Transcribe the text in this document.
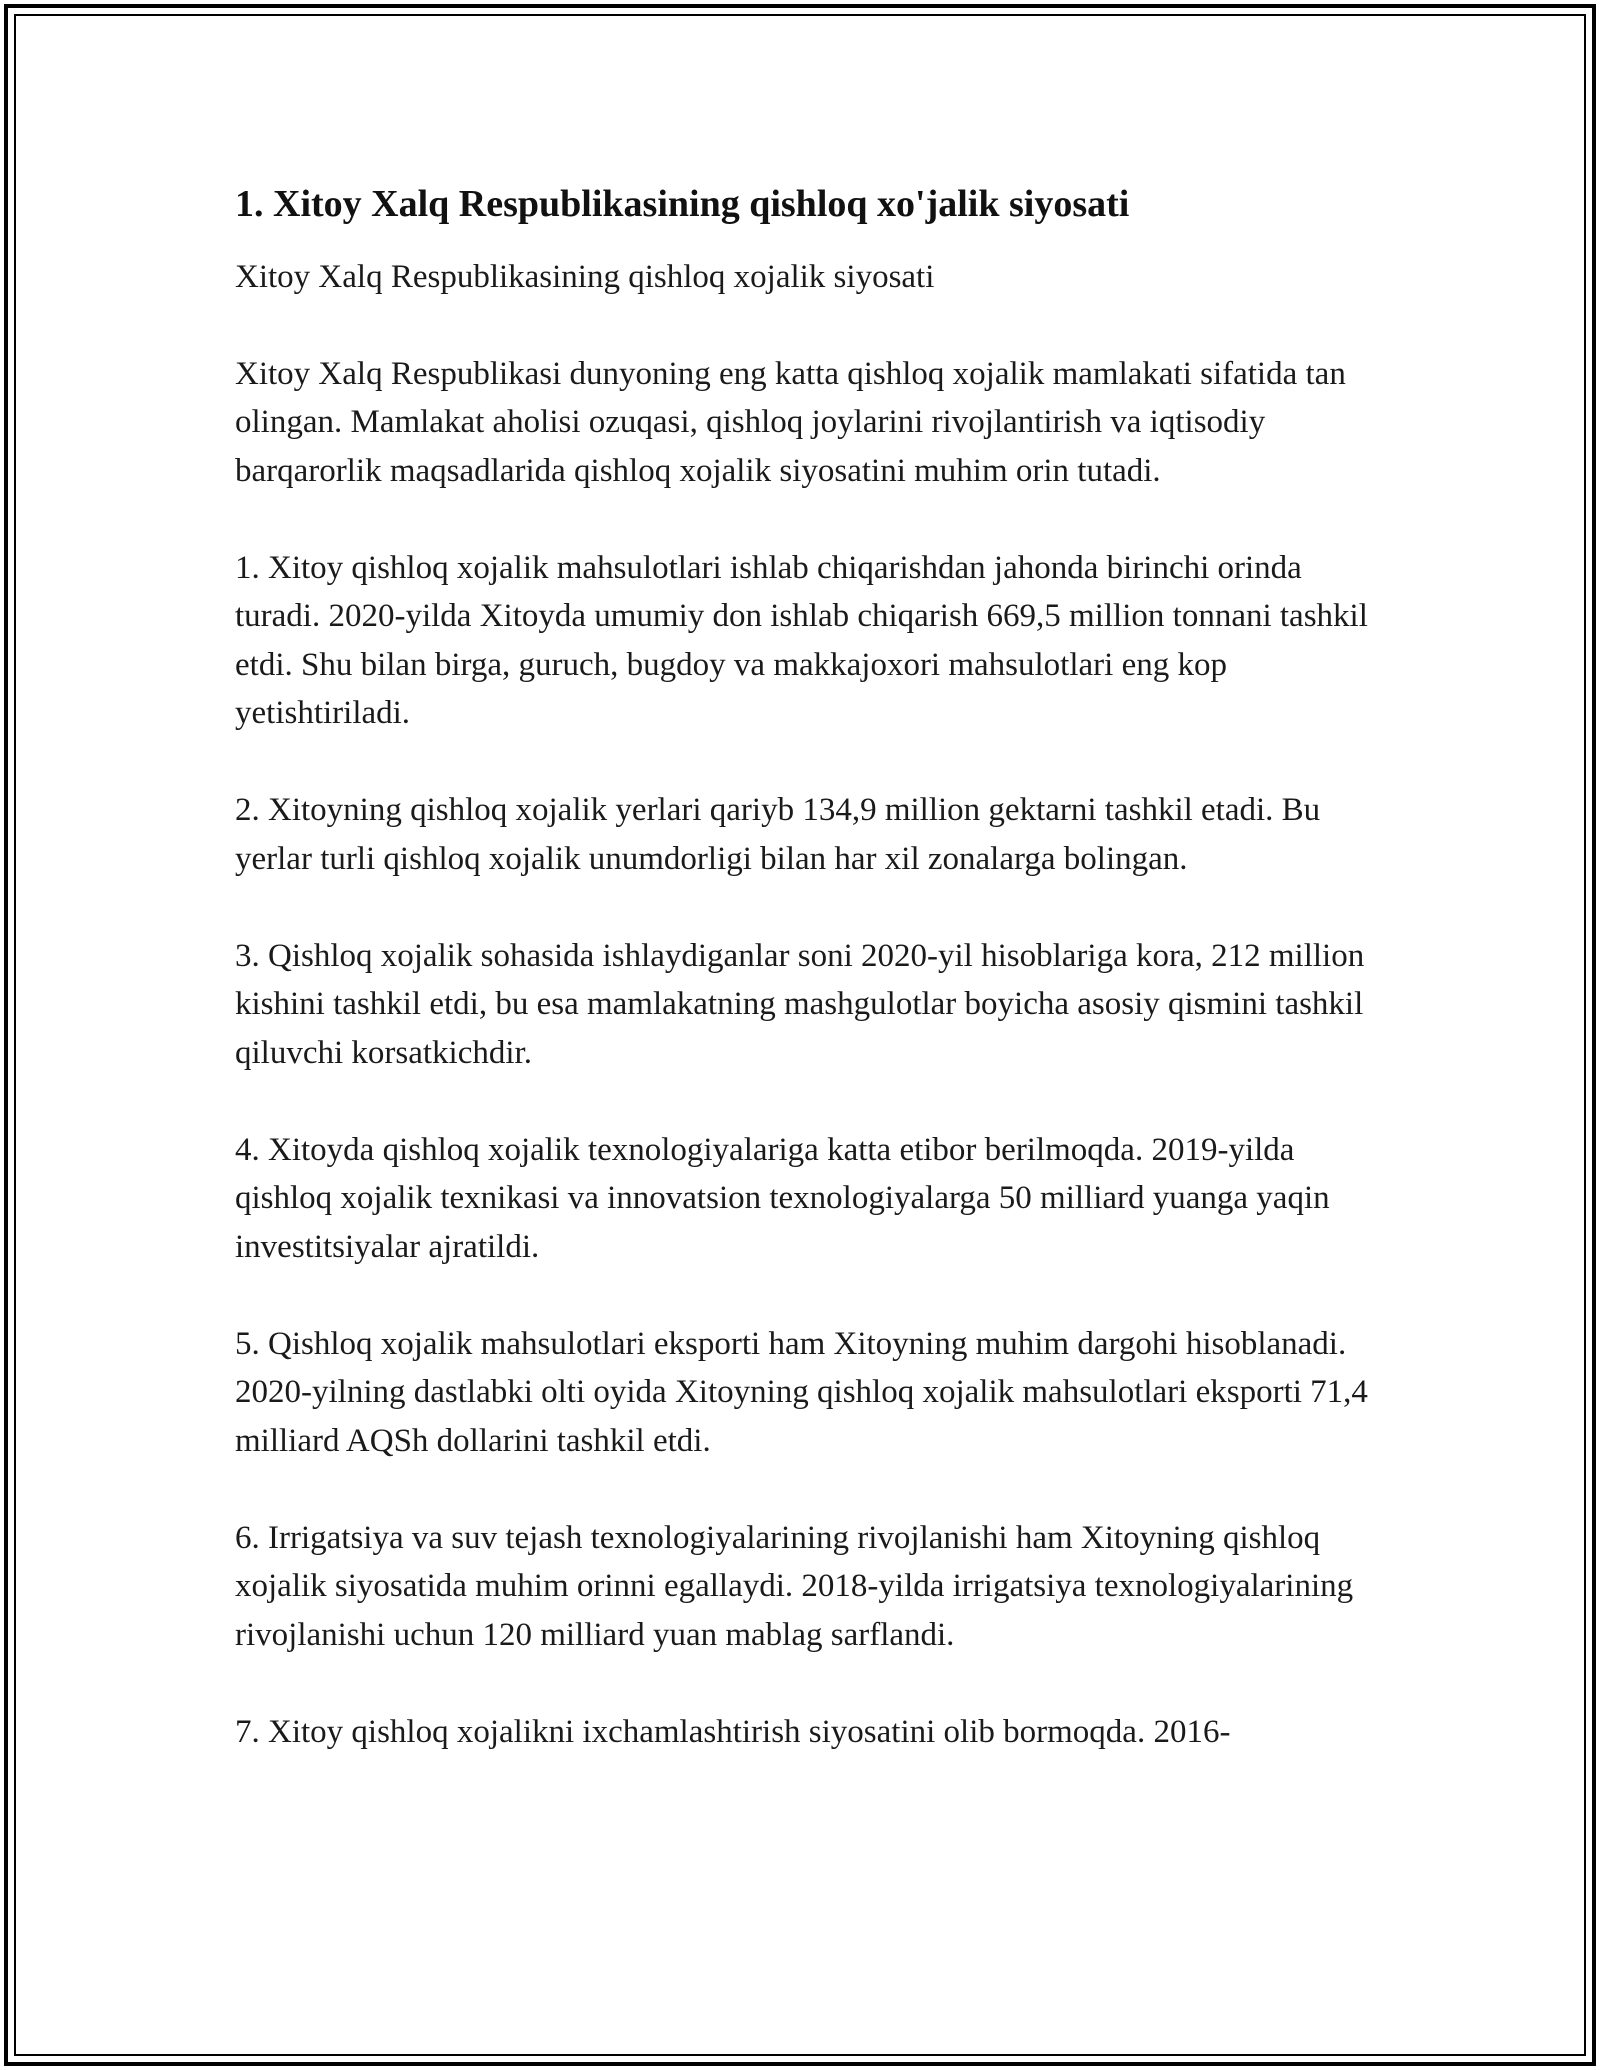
1. Xitoy Xalq Respublikasining qishloq xo'jalik siyosati

Xitoy Xalq Respublikasining qishloq xojalik siyosati

Xitoy Xalq Respublikasi dunyoning eng katta qishloq xojalik mamlakati sifatida tan olingan. Mamlakat aholisi ozuqasi, qishloq joylarini rivojlantirish va iqtisodiy barqarorlik maqsadlarida qishloq xojalik siyosatini muhim orin tutadi.

1. Xitoy qishloq xojalik mahsulotlari ishlab chiqarishdan jahonda birinchi orinda turadi. 2020-yilda Xitoyda umumiy don ishlab chiqarish 669,5 million tonnani tashkil etdi. Shu bilan birga, guruch, bugdoy va makkajoxori mahsulotlari eng kop yetishtiriladi.

2. Xitoyning qishloq xojalik yerlari qariyb 134,9 million gektarni tashkil etadi. Bu yerlar turli qishloq xojalik unumdorligi bilan har xil zonalarga bolingan.

3. Qishloq xojalik sohasida ishlaydiganlar soni 2020-yil hisoblariga kora, 212 million kishini tashkil etdi, bu esa mamlakatning mashgulotlar boyicha asosiy qismini tashkil qiluvchi korsatkichdir.

4. Xitoyda qishloq xojalik texnologiyalariga katta etibor berilmoqda. 2019-yilda qishloq xojalik texnikasi va innovatsion texnologiyalarga 50 milliard yuanga yaqin investitsiyalar ajratildi.

5. Qishloq xojalik mahsulotlari eksporti ham Xitoyning muhim dargohi hisoblanadi. 2020-yilning dastlabki olti oyida Xitoyning qishloq xojalik mahsulotlari eksporti 71,4 milliard AQSh dollarini tashkil etdi.

6. Irrigatsiya va suv tejash texnologiyalarining rivojlanishi ham Xitoyning qishloq xojalik siyosatida muhim orinni egallaydi. 2018-yilda irrigatsiya texnologiyalarining rivojlanishi uchun 120 milliard yuan mablag sarflandi.

7. Xitoy qishloq xojalikni ixchamlashtirish siyosatini olib bormoqda. 2016-
